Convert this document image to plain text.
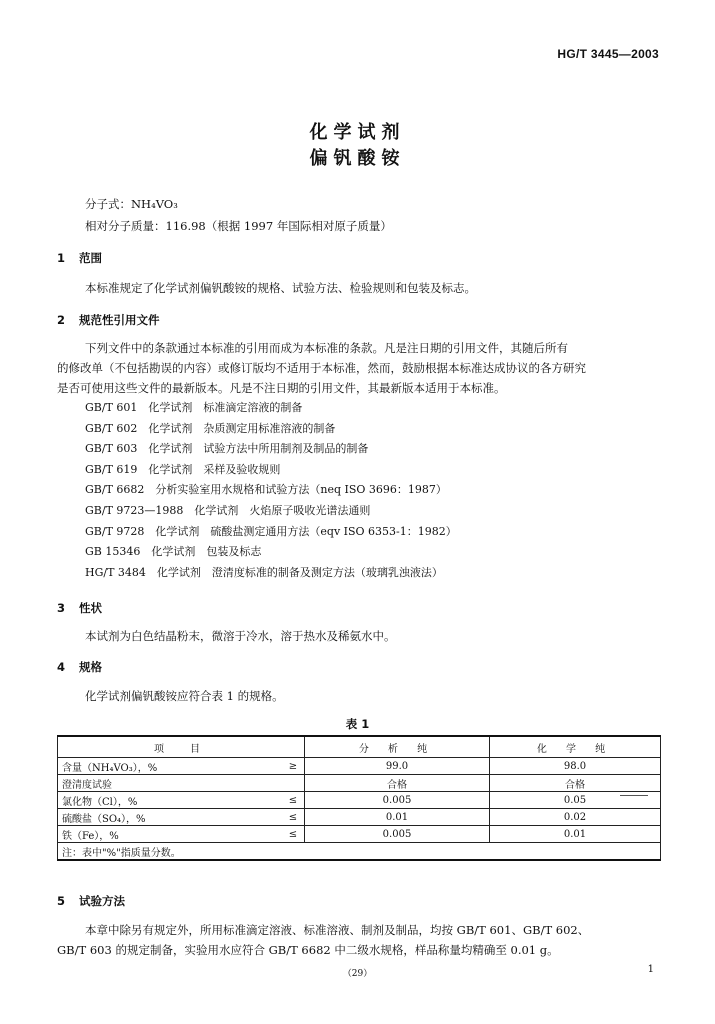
HG/T 3445—2003
化学试剂
偏钒酸铵
分子式：NH₄VO₃
相对分子质量：116.98（根据 1997 年国际相对原子质量）
1 范围
本标准规定了化学试剂偏钒酸铵的规格、试验方法、检验规则和包装及标志。
2 规范性引用文件
下列文件中的条款通过本标准的引用而成为本标准的条款。凡是注日期的引用文件，其随后所有
的修改单（不包括勘误的内容）或修订版均不适用于本标准，然而，鼓励根据本标准达成协议的各方研究
是否可使用这些文件的最新版本。凡是不注日期的引用文件，其最新版本适用于本标准。
GB/T 601　化学试剂　标准滴定溶液的制备
GB/T 602　化学试剂　杂质测定用标准溶液的制备
GB/T 603　化学试剂　试验方法中所用制剂及制品的制备
GB/T 619　化学试剂　采样及验收规则
GB/T 6682　分析实验室用水规格和试验方法（neq ISO 3696：1987）
GB/T 9723—1988　化学试剂　火焰原子吸收光谱法通则
GB/T 9728　化学试剂　硫酸盐测定通用方法（eqv ISO 6353-1：1982）
GB 15346　化学试剂　包装及标志
HG/T 3484　化学试剂　澄清度标准的制备及测定方法（玻璃乳浊液法）
3 性状
本试剂为白色结晶粉末，微溶于冷水，溶于热水及稀氨水中。
4 规格
化学试剂偏钒酸铵应符合表 1 的规格。
表 1
项　目		分 析 纯	化 学 纯
含量（NH₄VO₃），%	≥	99.0	98.0
澄清度试验		合格	合格
氯化物（Cl），%	≤	0.005	0.05
硫酸盐（SO₄），%	≤	0.01	0.02
铁（Fe），%	≤	0.005	0.01
注：表中"%"指质量分数。			
5 试验方法
本章中除另有规定外，所用标准滴定溶液、标准溶液、制剂及制品，均按 GB/T 601、GB/T 602、
GB/T 603 的规定制备，实验用水应符合 GB/T 6682 中二级水规格，样品称量均精确至 0.01 g。
（29）	1
